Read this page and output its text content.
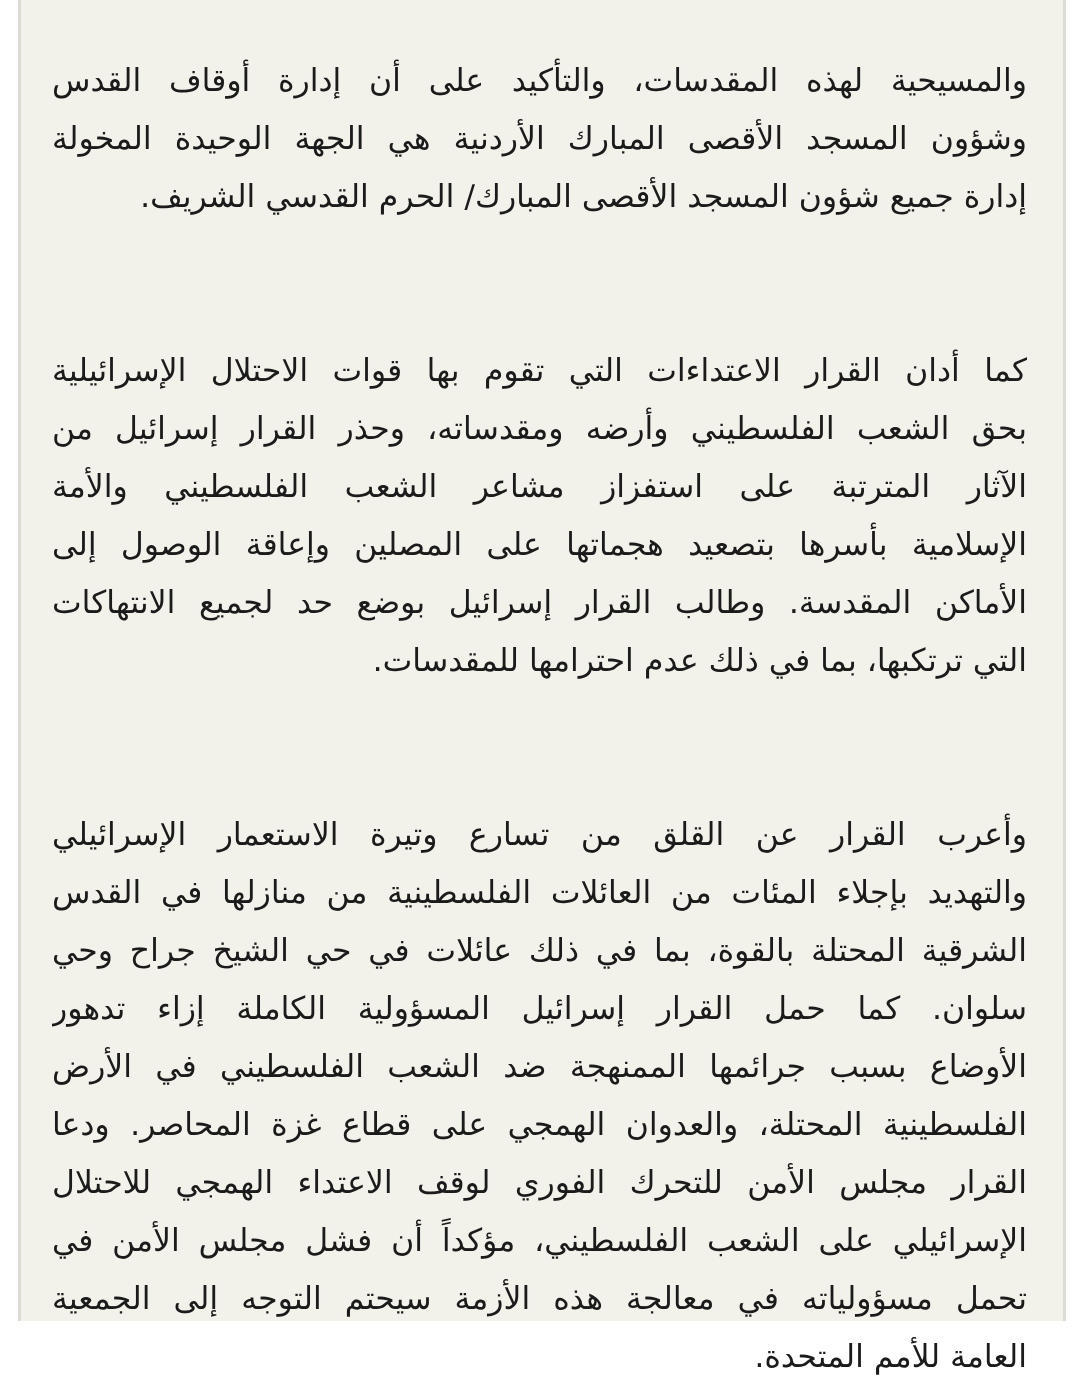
والمسيحية لهذه المقدسات، والتأكيد على أن إدارة أوقاف القدس
وشؤون المسجد الأقصى المبارك الأردنية هي الجهة الوحيدة المخولة
إدارة جميع شؤون المسجد الأقصى المبارك/ الحرم القدسي الشريف.

كما أدان القرار الاعتداءات التي تقوم بها قوات الاحتلال الإسرائيلية
بحق الشعب الفلسطيني وأرضه ومقدساته، وحذر القرار إسرائيل من
الآثار المترتبة على استفزاز مشاعر الشعب الفلسطيني والأمة
الإسلامية بأسرها بتصعيد هجماتها على المصلين وإعاقة الوصول إلى
الأماكن المقدسة. وطالب القرار إسرائيل بوضع حد لجميع الانتهاكات
التي ترتكبها، بما في ذلك عدم احترامها للمقدسات.

وأعرب القرار عن القلق من تسارع وتيرة الاستعمار الإسرائيلي
والتهديد بإجلاء المئات من العائلات الفلسطينية من منازلها في القدس
الشرقية المحتلة بالقوة، بما في ذلك عائلات في حي الشيخ جراح وحي
سلوان. كما حمل القرار إسرائيل المسؤولية الكاملة إزاء تدهور
الأوضاع بسبب جرائمها الممنهجة ضد الشعب الفلسطيني في الأرض
الفلسطينية المحتلة، والعدوان الهمجي على قطاع غزة المحاصر. ودعا
القرار مجلس الأمن للتحرك الفوري لوقف الاعتداء الهمجي للاحتلال
الإسرائيلي على الشعب الفلسطيني، مؤكداً أن فشل مجلس الأمن في
تحمل مسؤولياته في معالجة هذه الأزمة سيحتم التوجه إلى الجمعية
العامة للأمم المتحدة.
